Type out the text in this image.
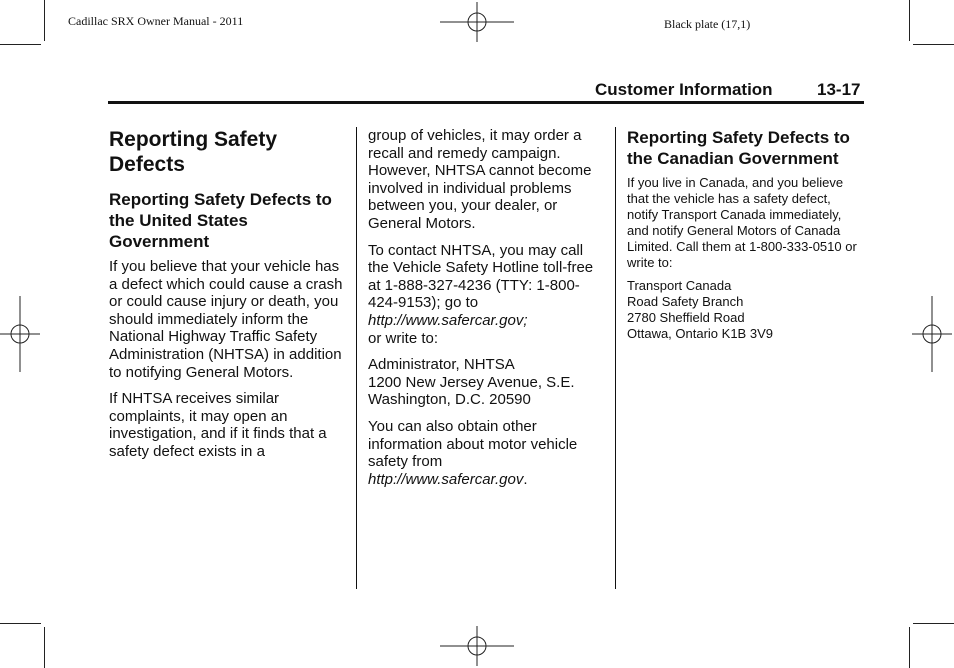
Cadillac SRX Owner Manual - 2011	Black plate (17,1)
Customer Information	13-17
Reporting Safety Defects
Reporting Safety Defects to the United States Government

If you believe that your vehicle has a defect which could cause a crash or could cause injury or death, you should immediately inform the National Highway Traffic Safety Administration (NHTSA) in addition to notifying General Motors.

If NHTSA receives similar complaints, it may open an investigation, and if it finds that a safety defect exists in a

group of vehicles, it may order a recall and remedy campaign. However, NHTSA cannot become involved in individual problems between you, your dealer, or General Motors.

To contact NHTSA, you may call the Vehicle Safety Hotline toll-free at 1-888-327-4236 (TTY: 1-800-424-9153); go to http://www.safercar.gov;
or write to:

Administrator, NHTSA
1200 New Jersey Avenue, S.E.
Washington, D.C. 20590

You can also obtain other information about motor vehicle safety from http://www.safercar.gov.

Reporting Safety Defects to the Canadian Government

If you live in Canada, and you believe that the vehicle has a safety defect, notify Transport Canada immediately, and notify General Motors of Canada Limited. Call them at 1-800-333-0510 or write to:

Transport Canada
Road Safety Branch
2780 Sheffield Road
Ottawa, Ontario K1B 3V9
